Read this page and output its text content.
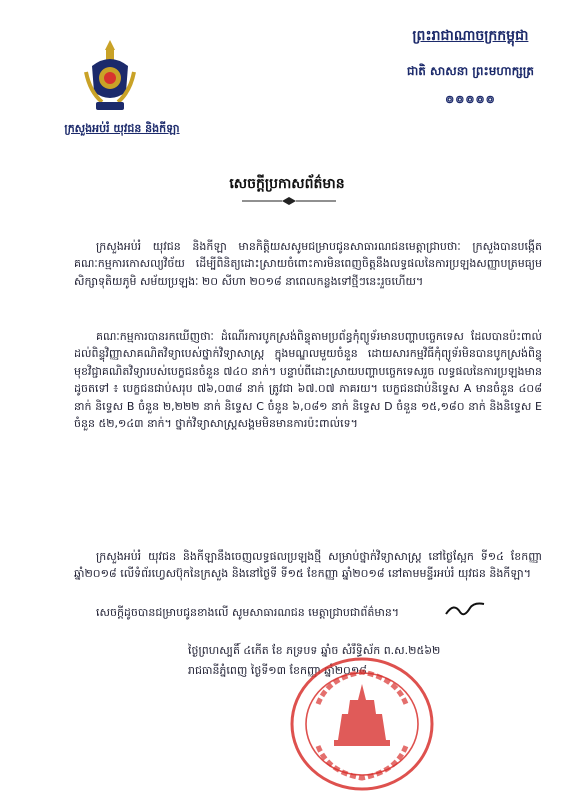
ក្រសួងអប់រំ យុវជន និងកីឡា
ព្រះរាជាណាចក្រកម្ពុជា
ជាតិ សាសនា ព្រះមហាក្សត្រ
៙៙៙៙៙
សេចក្ដីប្រកាសព័ត៌មាន

ក្រសួងអប់រំ យុវជន និងកីឡា មានកិត្តិយសសូមជម្រាបជូនសាធារណជនមេត្តាជ្រាបថាៈ ក្រសួងបានបង្កើតគណៈកម្មការកោសល្យវិច័យ ដើម្បីពិនិត្យដោះស្រាយចំពោះការមិនពេញចិត្តនឹងលទ្ធផលនៃការប្រឡងសញ្ញាបត្រមធ្យមសិក្សាទុតិយភូមិ សម័យប្រឡងៈ ២០ សីហា ២០១៨ នាពេលកន្លងទៅថ្មីៗនេះរួចហើយ។

គណៈកម្មការបានរកឃើញថាៈ ដំណើរការបូកស្រង់ពិន្ទុតាមប្រព័ន្ធកុំព្យូទ័រមានបញ្ហាបច្ចេកទេស ដែលបានប៉ះពាល់ដល់ពិន្ទុវិញ្ញាសាគណិតវិទ្យាបេស់ថ្នាក់វិទ្យាសាស្ត្រ ក្នុងមណ្ឌលមួយចំនួន ដោយសារកម្មវិធីកុំព្យូទ័រមិនបានបូកស្រង់ពិន្ទុមុខវិជ្ជាគណិតវិទ្យារបស់បេក្ខជនចំនួន ៧៤០ នាក់។ បន្ទាប់ពីដោះស្រាយបញ្ហាបច្ចេកទេសរួច លទ្ធផលនៃការប្រឡងមានដូចតទៅ ៖ បេក្ខជនជាប់សរុប ៧៦,០៣៨ នាក់ ត្រូវជា ៦៧.០៧ ភាគរយ។ បេក្ខជនជាប់និទ្ទេស A មានចំនួន ៤០៨ នាក់ និទ្ទេស B ចំនួន ២,២២២ នាក់ និទ្ទេស C ចំនួន ៦,០៨១ នាក់ និទ្ទេស D ចំនួន ១៥,១៨០ នាក់ និងនិទ្ទេស E ចំនួន ៥២,១៤៣ នាក់។ ថ្នាក់វិទ្យាសាស្ត្រសង្គមមិនមានការប៉ះពាល់ទេ។

ក្រសួងអប់រំ យុវជន និងកីឡានឹងចេញលទ្ធផលប្រឡងថ្មី សម្រាប់ថ្នាក់វិទ្យាសាស្ត្រ នៅថ្ងៃស្អែក ទី១៤ ខែកញ្ញា ឆ្នាំ២០១៨ លើទំព័រហ្វេសប៊ុកនៃក្រសួង និងនៅថ្ងៃទី ទី១៥ ខែកញ្ញា ឆ្នាំ២០១៨ នៅតាមមន្ទីរអប់រំ យុវជន និងកីឡា។

សេចក្ដីដូចបានជម្រាបជូនខាងលើ សូមសាធារណជន មេត្តាជ្រាបជាព័ត៌មាន។

ថ្ងៃព្រហស្បតិ៍ ៤កើត ខែ ភទ្របទ ឆ្នាំច សំរឹទ្ធិស័ក ព.ស.២៥៦២
រាជធានីភ្នំពេញ ថ្ងៃទី១៣ ខែកញ្ញា ឆ្នាំ២០១៨
